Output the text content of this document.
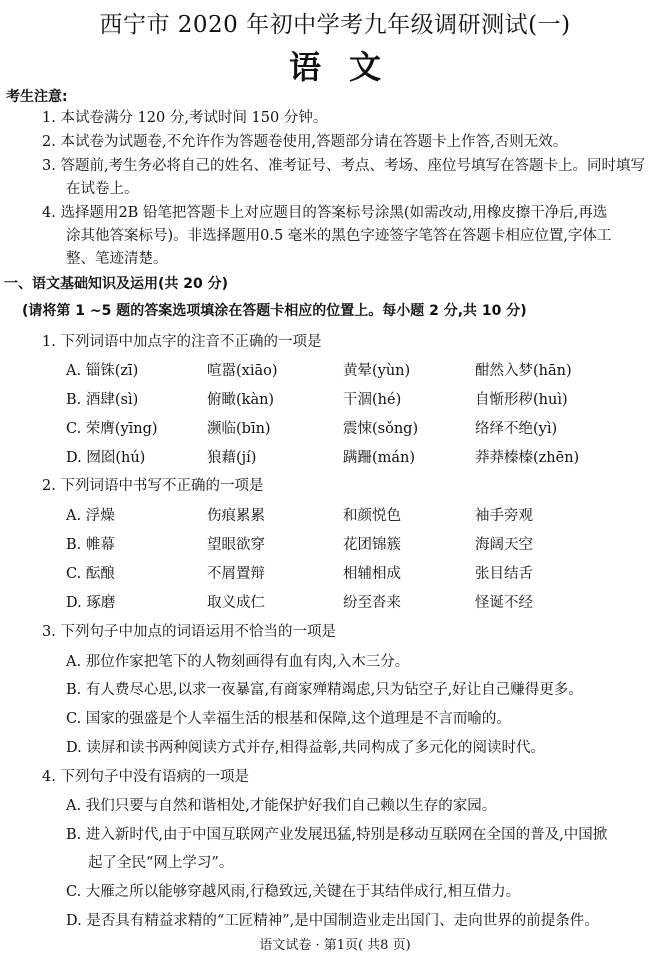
西宁市 2020 年初中学考九年级调研测试(一)
语文
考生注意:
1. 本试卷满分 120 分,考试时间 150 分钟。
2. 本试卷为试题卷,不允许作为答题卷使用,答题部分请在答题卡上作答,否则无效。
3. 答题前,考生务必将自己的姓名、准考证号、考点、考场、座位号填写在答题卡上。同时填写
在试卷上。
4. 选择题用2B 铅笔把答题卡上对应题目的答案标号涂黑(如需改动,用橡皮擦干净后,再选
涂其他答案标号)。非选择题用0.5 毫米的黑色字迹签字笔答在答题卡相应位置,字体工
整、笔迹清楚。
一、语文基础知识及运用(共 20 分)
(请将第 1 ~5 题的答案选项填涂在答题卡相应的位置上。每小题 2 分,共 10 分)
1. 下列词语中加点字的注音不正确的一项是
A. 锱铢(zī)	喧嚣(xiāo)	黄晕(yùn)	酣然入梦(hān)
B. 酒肆(sì)	俯瞰(kàn)	干涸(hé)	自惭形秽(huì)
C. 荣膺(yīng)	濒临(bīn)	震悚(sǒng)	络绎不绝(yì)
D. 囫囵(hú)	狼藉(jí)	蹒跚(mán)	莽莽榛榛(zhēn)
2. 下列词语中书写不正确的一项是
A. 浮燥	伤痕累累	和颜悦色	袖手旁观
B. 帷幕	望眼欲穿	花团锦簇	海阔天空
C. 酝酿	不屑置辩	相辅相成	张目结舌
D. 琢磨	取义成仁	纷至沓来	怪诞不经
3. 下列句子中加点的词语运用不恰当的一项是
A. 那位作家把笔下的人物刻画得有血有肉,入木三分。
B. 有人费尽心思,以求一夜暴富,有商家殚精竭虑,只为钻空子,好让自己赚得更多。
C. 国家的强盛是个人幸福生活的根基和保障,这个道理是不言而喻的。
D. 读屏和读书两种阅读方式并存,相得益彰,共同构成了多元化的阅读时代。
4. 下列句子中没有语病的一项是
A. 我们只要与自然和谐相处,才能保护好我们自己赖以生存的家园。
B. 进入新时代,由于中国互联网产业发展迅猛,特别是移动互联网在全国的普及,中国掀
起了全民“网上学习”。
C. 大雁之所以能够穿越风雨,行稳致远,关键在于其结伴成行,相互借力。
D. 是否具有精益求精的“工匠精神”,是中国制造业走出国门、走向世界的前提条件。
语文试卷 · 第1页( 共8 页)
